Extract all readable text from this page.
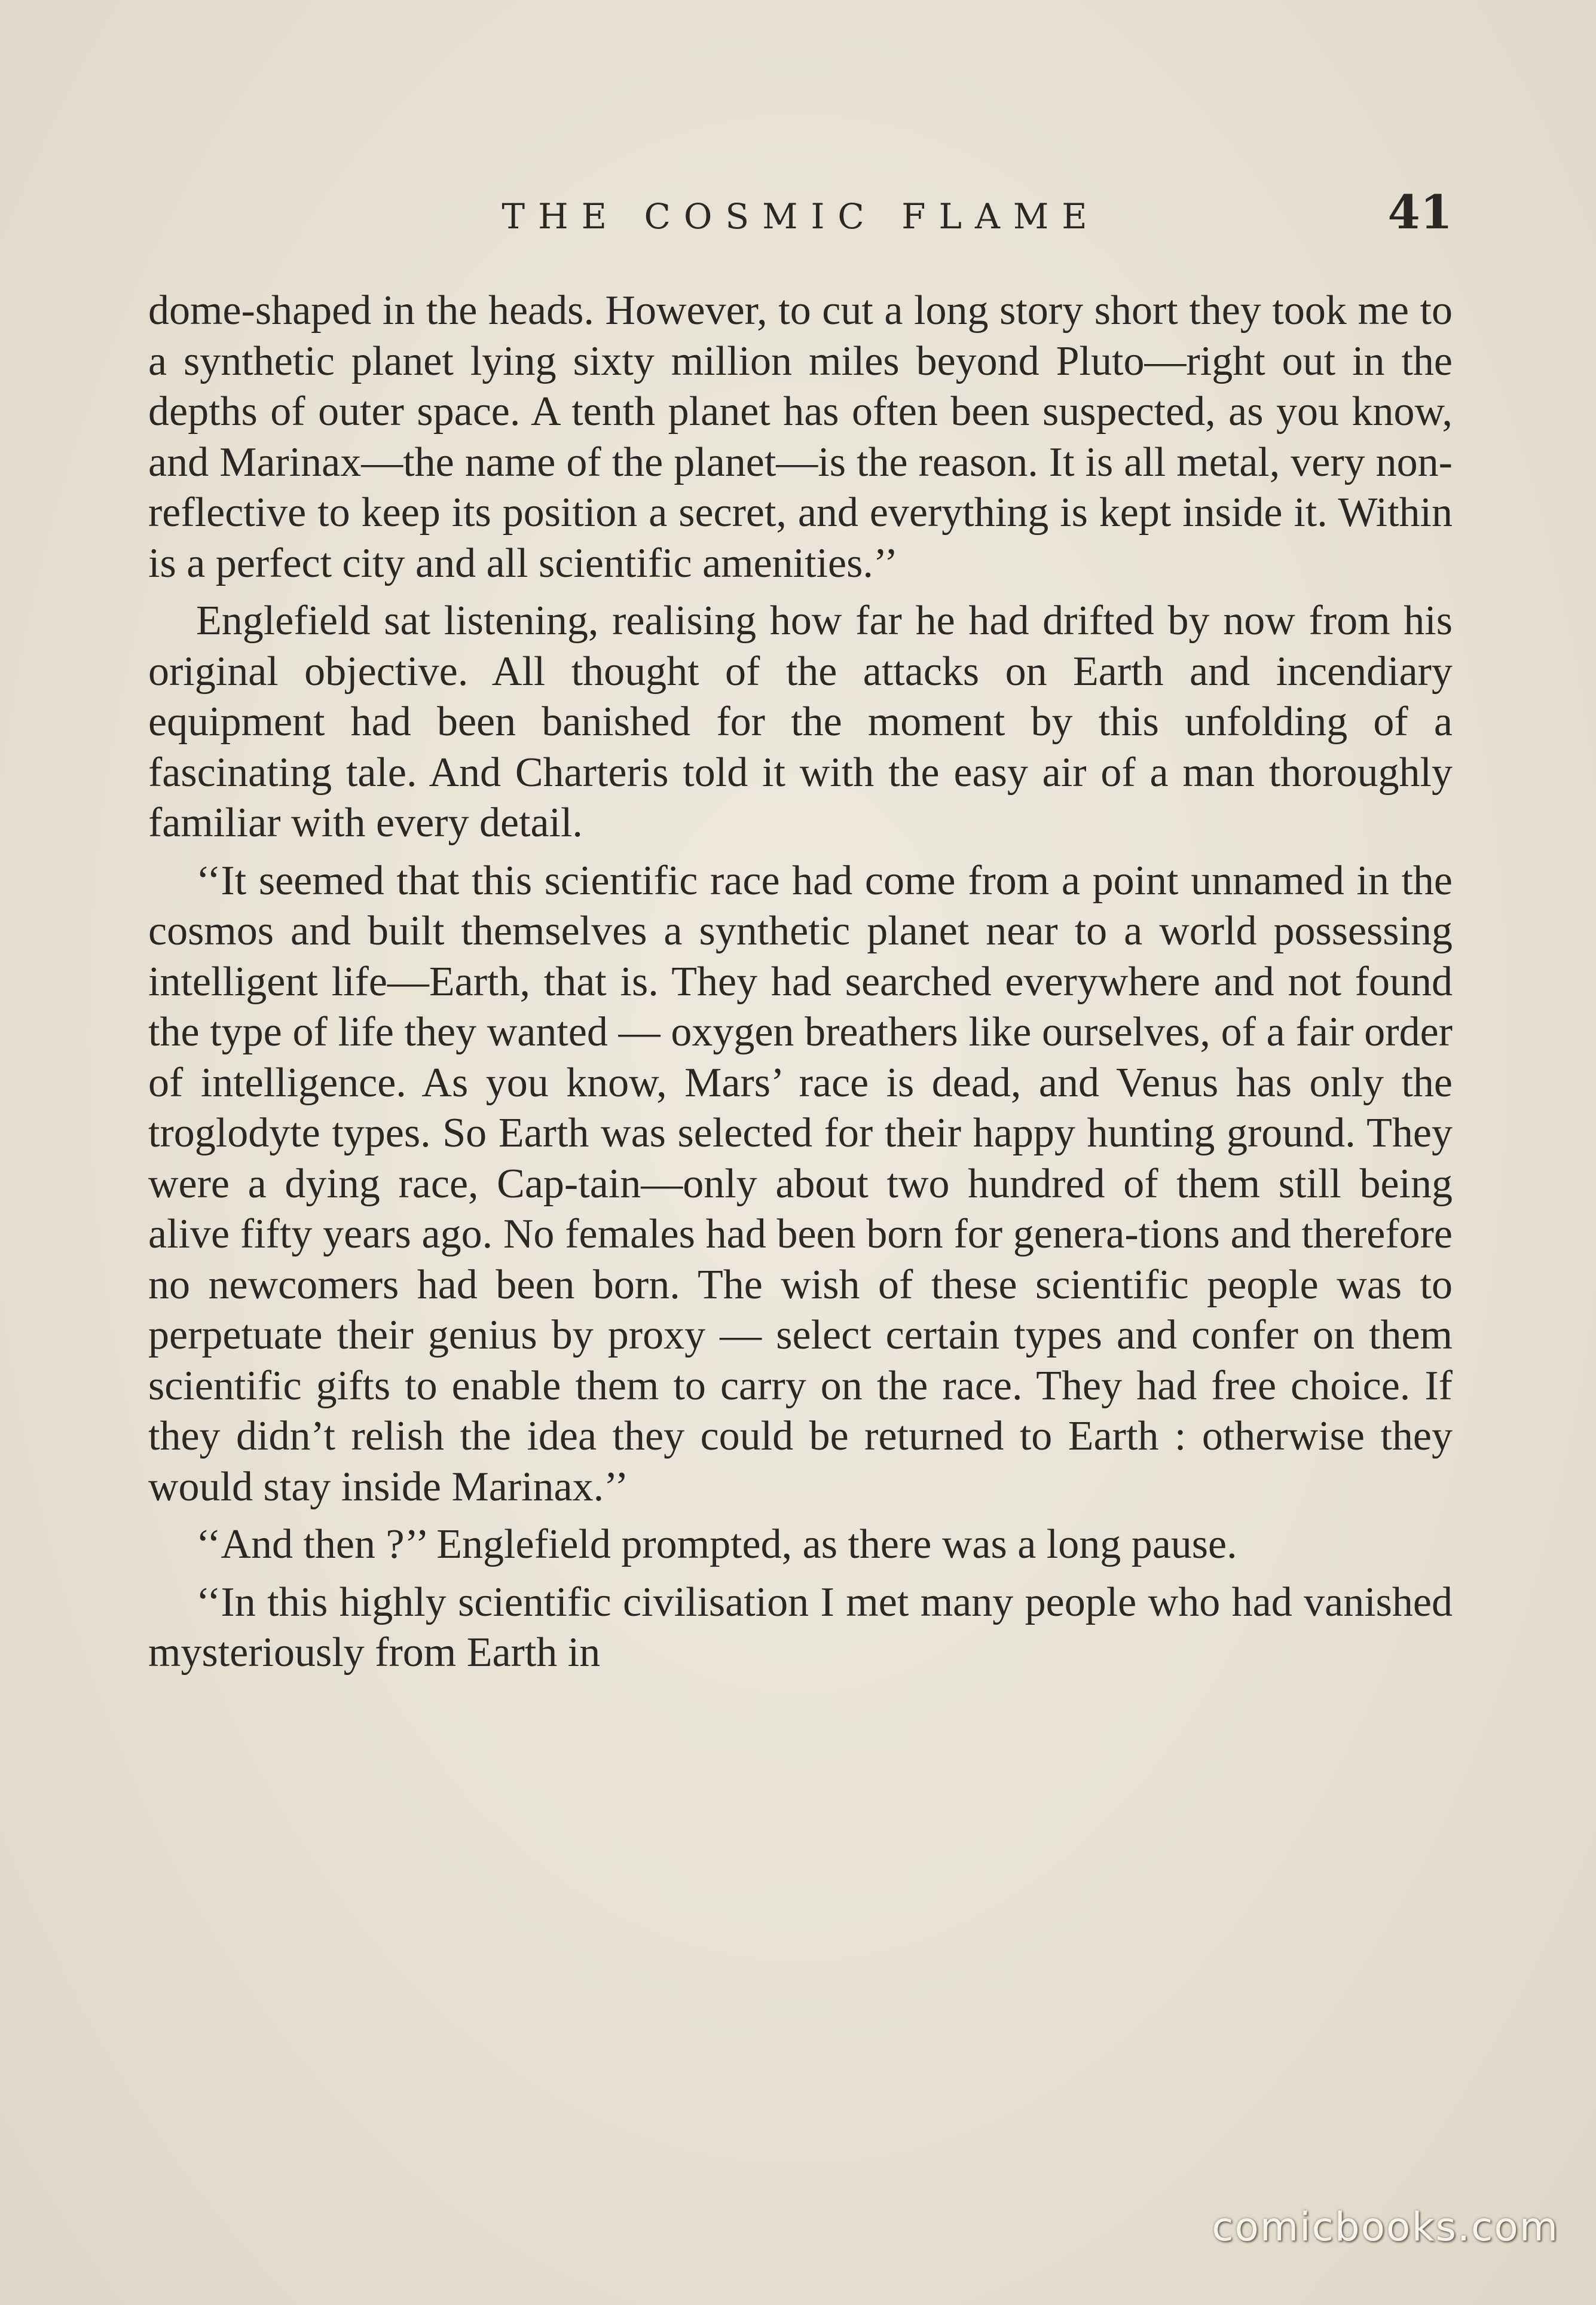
THE COSMIC FLAME	41

dome-shaped in the heads. However, to cut a long story short they took me to a synthetic planet lying sixty million miles beyond Pluto—right out in the depths of outer space. A tenth planet has often been suspected, as you know, and Marinax—the name of the planet—is the reason. It is all metal, very non-reflective to keep its position a secret, and everything is kept inside it. Within is a perfect city and all scientific amenities.’’

Englefield sat listening, realising how far he had drifted by now from his original objective. All thought of the attacks on Earth and incendiary equipment had been banished for the moment by this unfolding of a fascinating tale. And Charteris told it with the easy air of a man thoroughly familiar with every detail.

‘‘It seemed that this scientific race had come from a point unnamed in the cosmos and built themselves a synthetic planet near to a world possessing intelligent life—Earth, that is. They had searched everywhere and not found the type of life they wanted — oxygen breathers like ourselves, of a fair order of intelligence. As you know, Mars’ race is dead, and Venus has only the troglodyte types. So Earth was selected for their happy hunting ground. They were a dying race, Cap-tain—only about two hundred of them still being alive fifty years ago. No females had been born for genera-tions and therefore no newcomers had been born. The wish of these scientific people was to perpetuate their genius by proxy — select certain types and confer on them scientific gifts to enable them to carry on the race. They had free choice. If they didn’t relish the idea they could be returned to Earth : otherwise they would stay inside Marinax.’’

‘‘And then ?’’ Englefield prompted, as there was a long pause.

‘‘In this highly scientific civilisation I met many people who had vanished mysteriously from Earth in

comicbooks.com
